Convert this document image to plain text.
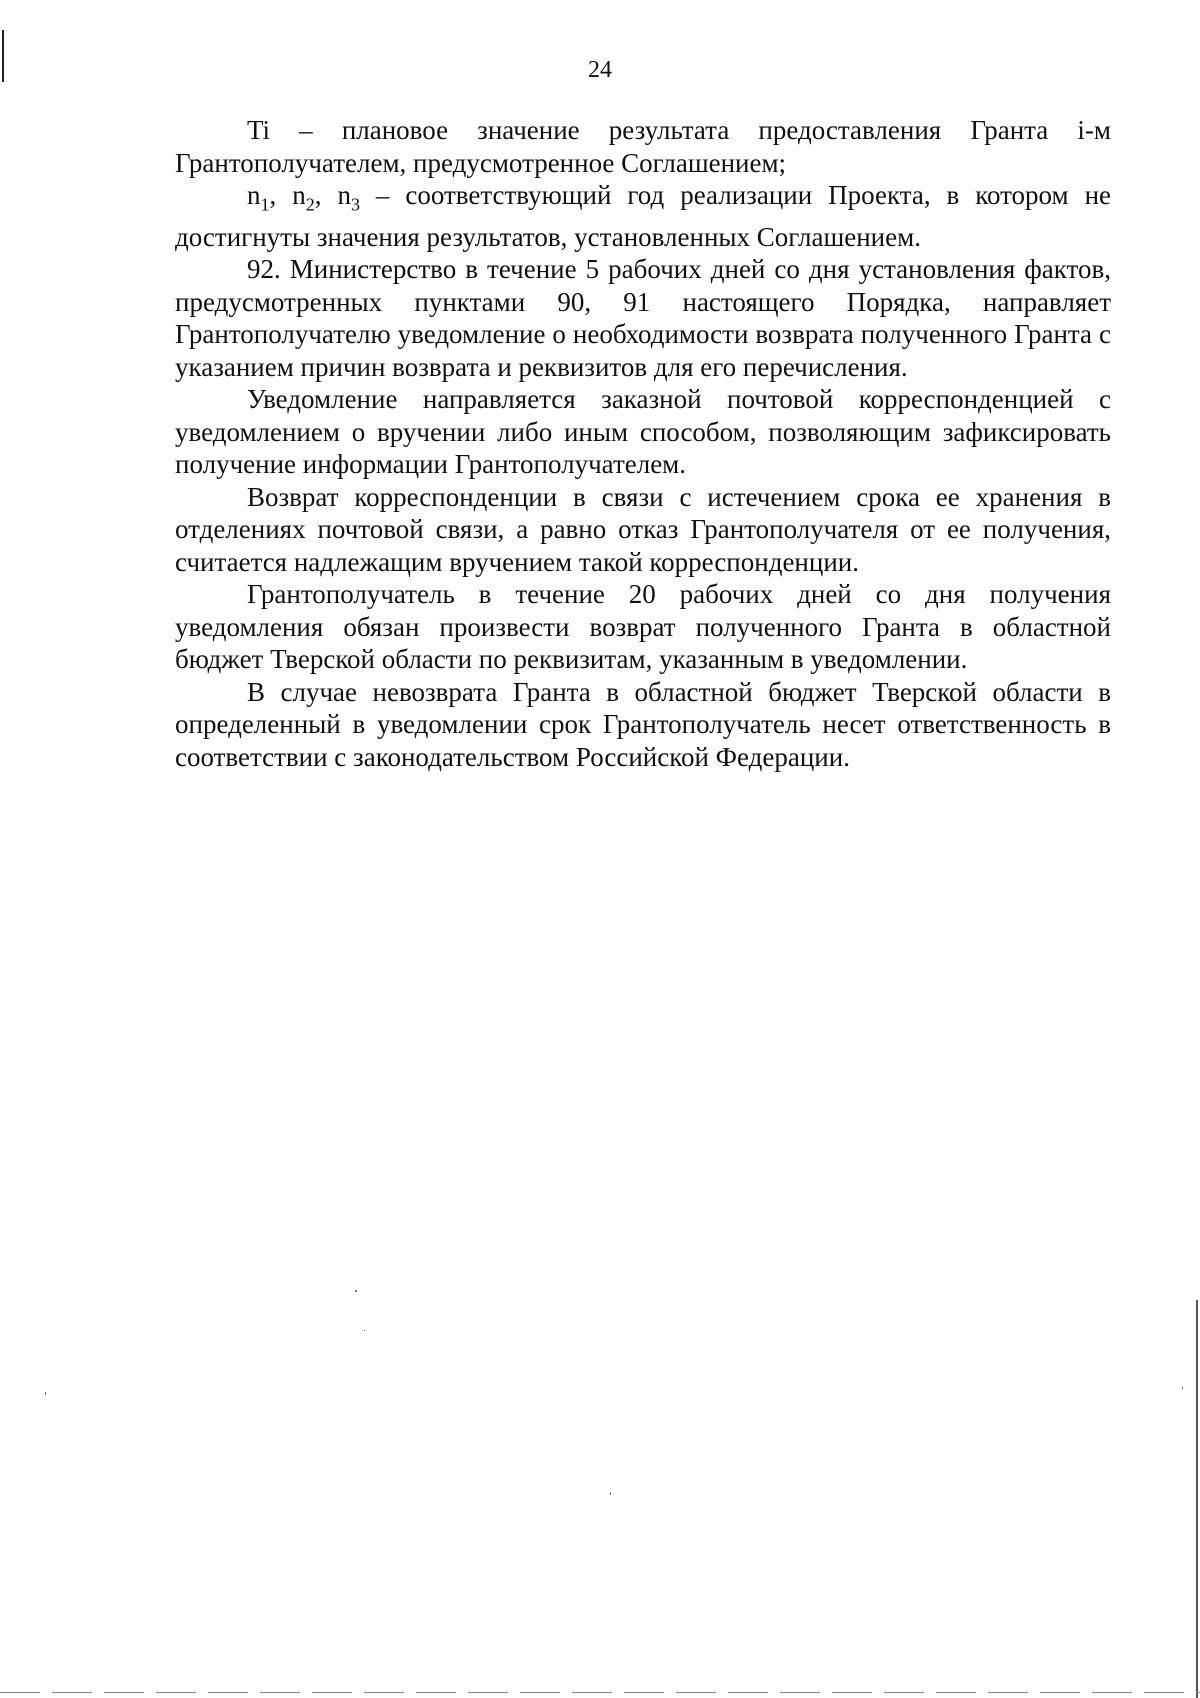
24

Ti – плановое значение результата предоставления Гранта i-м Грантополучателем, предусмотренное Соглашением;

$n_1$, $n_2$, $n_3$ – соответствующий год реализации Проекта, в котором не достигнуты значения результатов, установленных Соглашением.

92. Министерство в течение 5 рабочих дней со дня установления фактов, предусмотренных пунктами 90, 91 настоящего Порядка, направляет Грантополучателю уведомление о необходимости возврата полученного Гранта с указанием причин возврата и реквизитов для его перечисления.

Уведомление направляется заказной почтовой корреспонденцией с уведомлением о вручении либо иным способом, позволяющим зафиксировать получение информации Грантополучателем.

Возврат корреспонденции в связи с истечением срока ее хранения в отделениях почтовой связи, а равно отказ Грантополучателя от ее получения, считается надлежащим вручением такой корреспонденции.

Грантополучатель в течение 20 рабочих дней со дня получения уведомления обязан произвести возврат полученного Гранта в областной бюджет Тверской области по реквизитам, указанным в уведомлении.

В случае невозврата Гранта в областной бюджет Тверской области в определенный в уведомлении срок Грантополучатель несет ответственность в соответствии с законодательством Российской Федерации.
